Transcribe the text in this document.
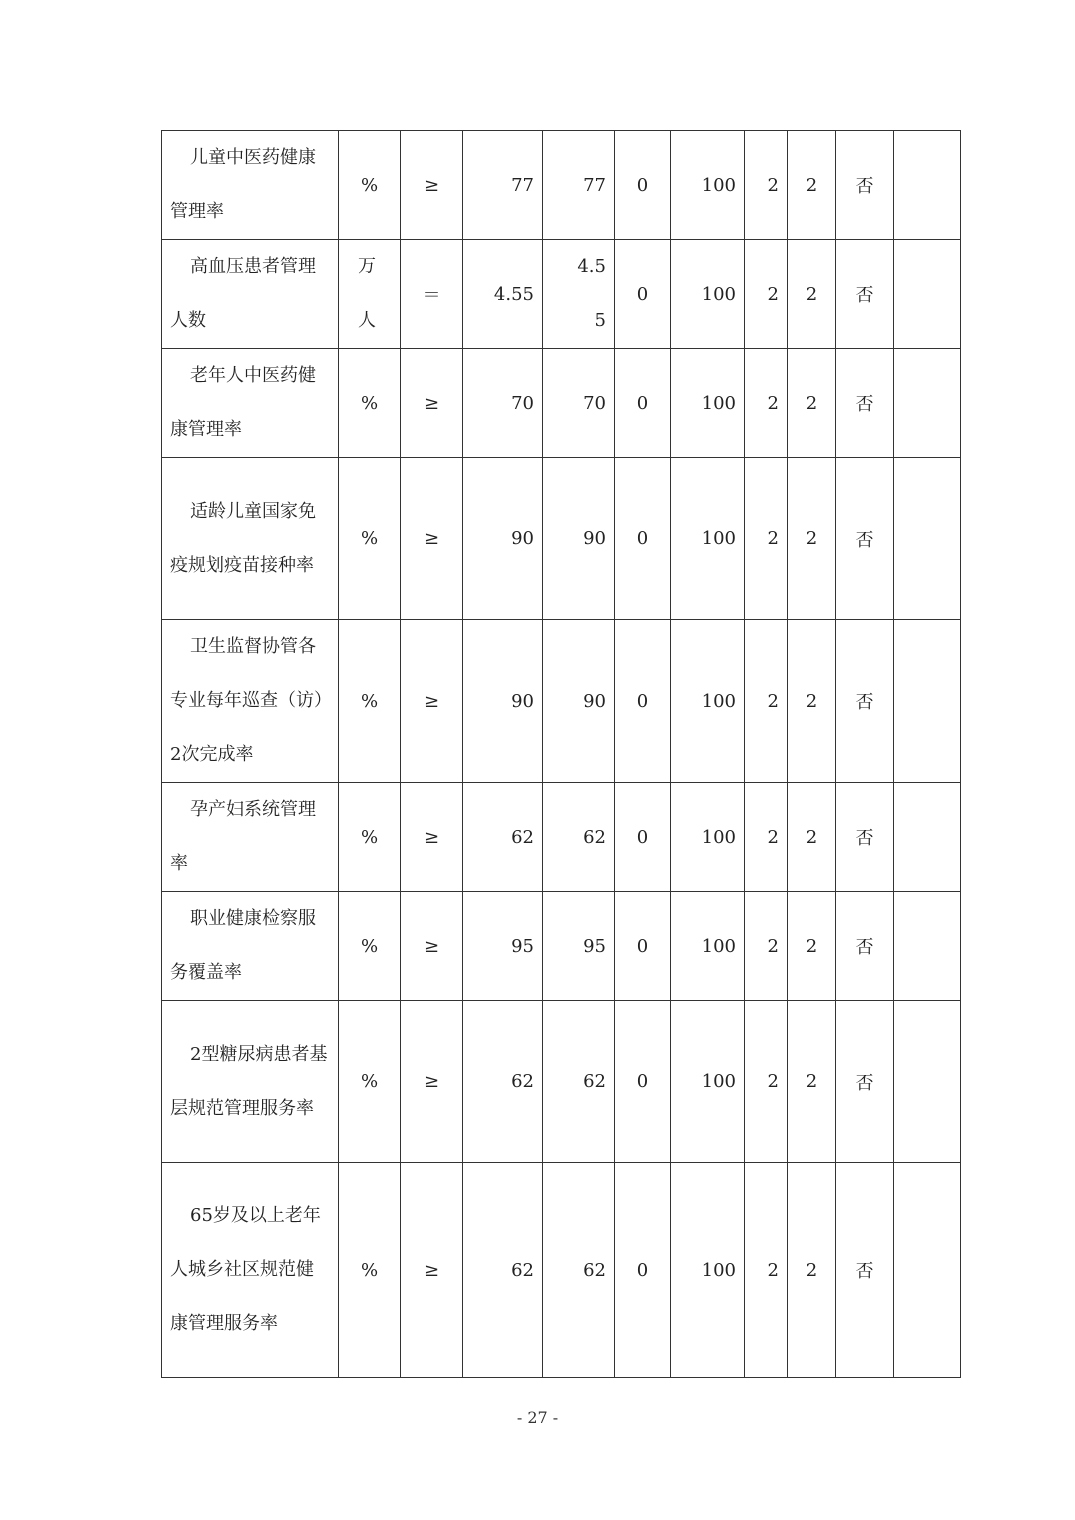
儿童中医药健康管理率	%	≥	77	77	0	100	2	2	否	

高血压患者管理人数	万人	＝	4.55	4.55	0	100	2	2	否	

老年人中医药健康管理率	%	≥	70	70	0	100	2	2	否	

适龄儿童国家免疫规划疫苗接种率	%	≥	90	90	0	100	2	2	否	

卫生监督协管各专业每年巡查（访）2次完成率	%	≥	90	90	0	100	2	2	否	

孕产妇系统管理率	%	≥	62	62	0	100	2	2	否	

职业健康检察服务覆盖率	%	≥	95	95	0	100	2	2	否	

2型糖尿病患者基层规范管理服务率	%	≥	62	62	0	100	2	2	否	

65岁及以上老年人城乡社区规范健康管理服务率	%	≥	62	62	0	100	2	2	否	
- 27 -
